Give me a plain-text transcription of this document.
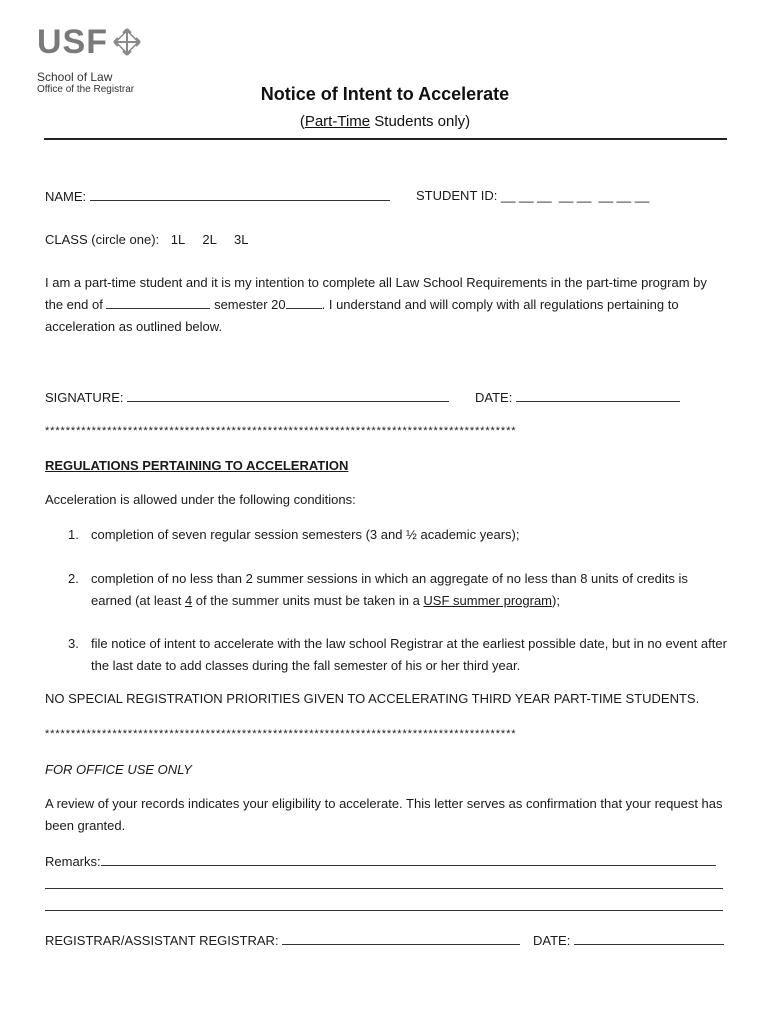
USF
School of Law
Office of the Registrar	Notice of Intent to Accelerate
(Part-Time Students only)
NAME:	STUDENT ID: __ __ __  __ __  __ __ __
CLASS (circle one): 1L 2L 3L
I am a part-time student and it is my intention to complete all Law School Requirements in the part-time program by the end of	semester 20	. I understand and will comply with all regulations pertaining to acceleration as outlined below.
SIGNATURE:	DATE:
*******************************************************************************************
REGULATIONS PERTAINING TO ACCELERATION
Acceleration is allowed under the following conditions:
1. completion of seven regular session semesters (3 and ½ academic years);
2. completion of no less than 2 summer sessions in which an aggregate of no less than 8 units of credits is earned (at least 4 of the summer units must be taken in a USF summer program);
3. file notice of intent to accelerate with the law school Registrar at the earliest possible date, but in no event after the last date to add classes during the fall semester of his or her third year.
NO SPECIAL REGISTRATION PRIORITIES GIVEN TO ACCELERATING THIRD YEAR PART-TIME STUDENTS.
*******************************************************************************************
FOR OFFICE USE ONLY
A review of your records indicates your eligibility to accelerate. This letter serves as confirmation that your request has been granted.
Remarks:
REGISTRAR/ASSISTANT REGISTRAR:	DATE:
